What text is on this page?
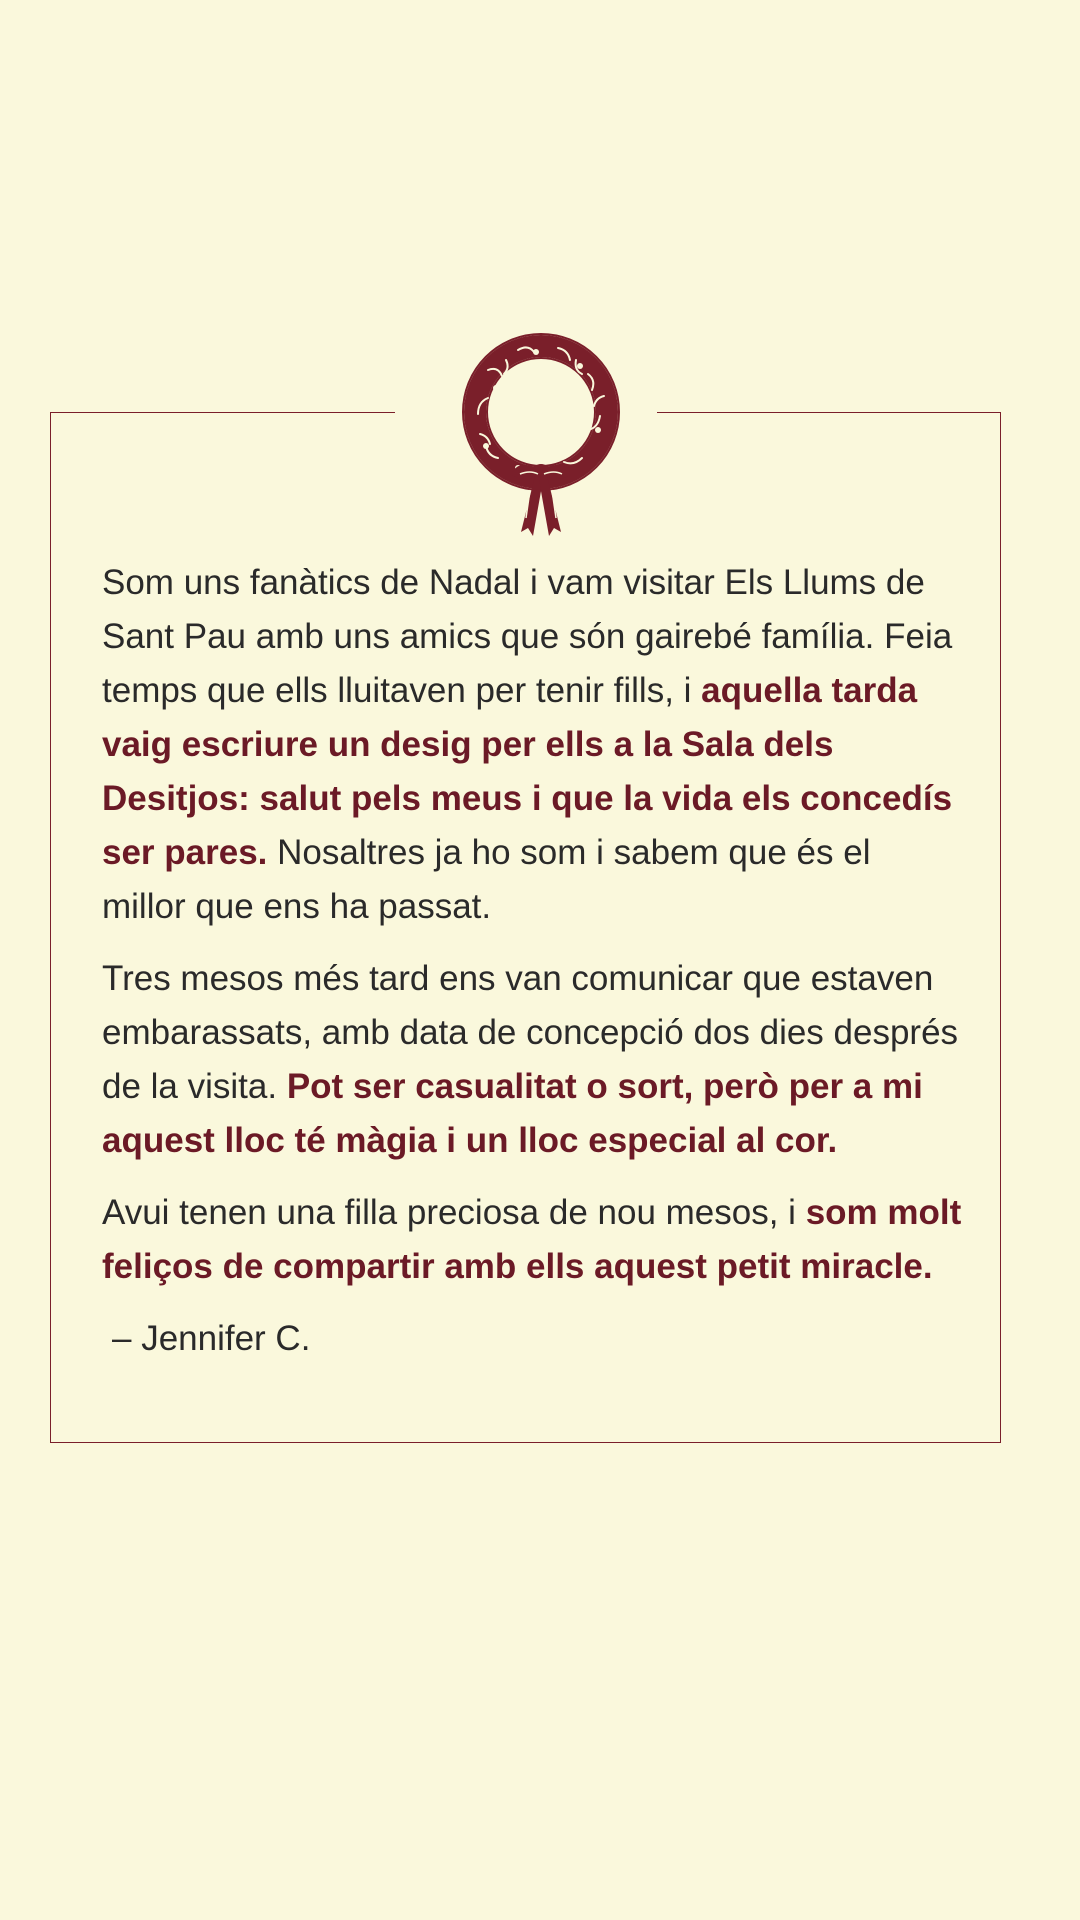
Som uns fanàtics de Nadal i vam visitar Els Llums de Sant Pau amb uns amics que són gairebé família. Feia temps que ells lluitaven per tenir fills, i aquella tarda vaig escriure un desig per ells a la Sala dels Desitjos: salut pels meus i que la vida els concedís ser pares. Nosaltres ja ho som i sabem que és el millor que ens ha passat.

Tres mesos més tard ens van comunicar que estaven embarassats, amb data de concepció dos dies després de la visita. Pot ser casualitat o sort, però per a mi aquest lloc té màgia i un lloc especial al cor.

Avui tenen una filla preciosa de nou mesos, i som molt feliços de compartir amb ells aquest petit miracle.

– Jennifer C.
